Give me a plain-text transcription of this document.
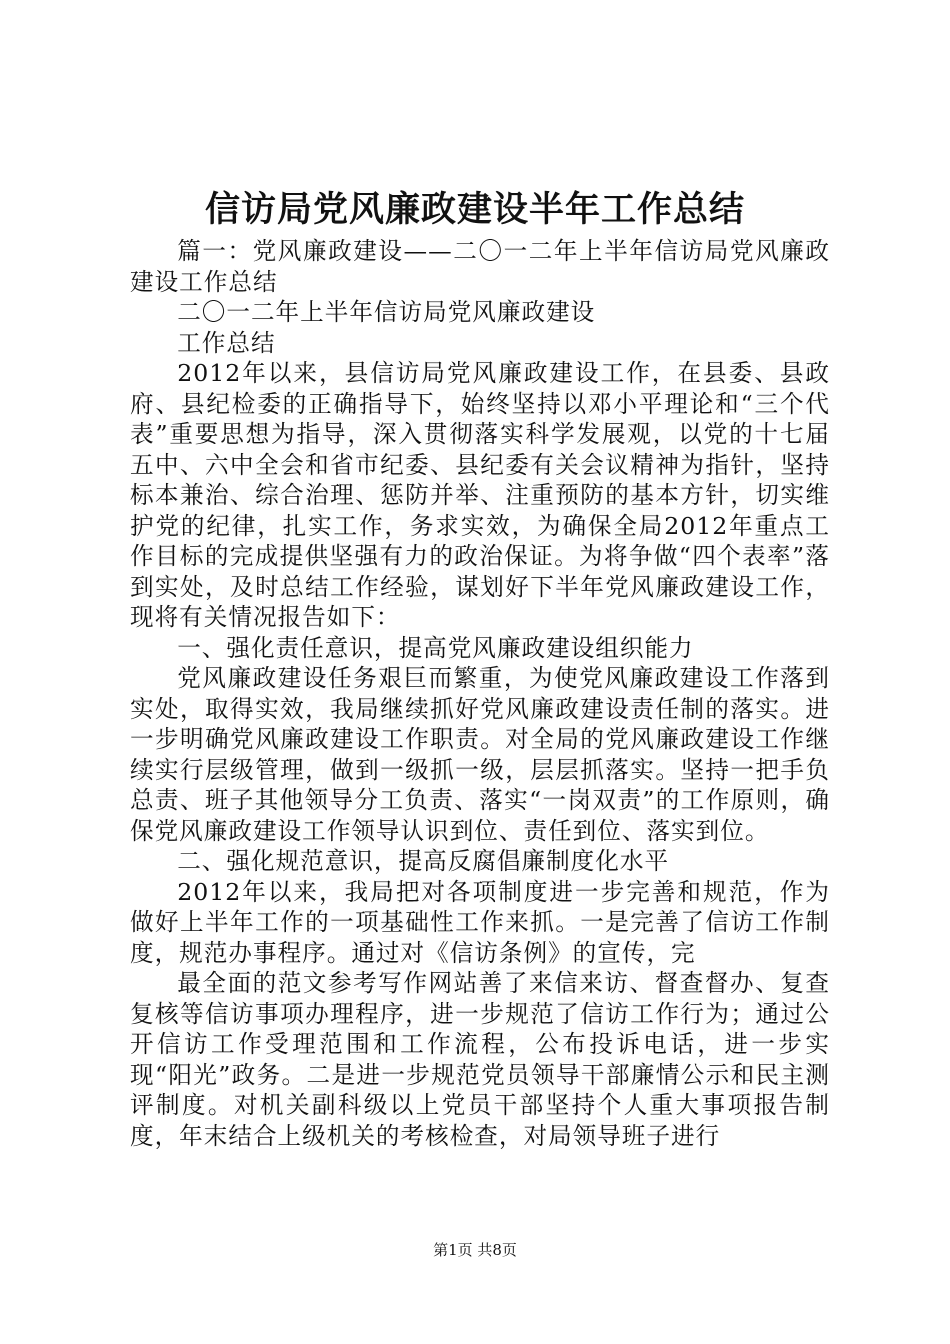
信访局党风廉政建设半年工作总结

篇一：党风廉政建设——二〇一二年上半年信访局党风廉政建设工作总结

二〇一二年上半年信访局党风廉政建设

工作总结

2012年以来，县信访局党风廉政建设工作，在县委、县政府、县纪检委的正确指导下，始终坚持以邓小平理论和“三个代表”重要思想为指导，深入贯彻落实科学发展观，以党的十七届五中、六中全会和省市纪委、县纪委有关会议精神为指针，坚持标本兼治、综合治理、惩防并举、注重预防的基本方针，切实维护党的纪律，扎实工作，务求实效，为确保全局2012年重点工作目标的完成提供坚强有力的政治保证。为将争做“四个表率”落到实处，及时总结工作经验，谋划好下半年党风廉政建设工作，现将有关情况报告如下：

一、强化责任意识，提高党风廉政建设组织能力

党风廉政建设任务艰巨而繁重，为使党风廉政建设工作落到实处，取得实效，我局继续抓好党风廉政建设责任制的落实。进一步明确党风廉政建设工作职责。对全局的党风廉政建设工作继续实行层级管理，做到一级抓一级，层层抓落实。坚持一把手负总责、班子其他领导分工负责、落实“一岗双责”的工作原则，确保党风廉政建设工作领导认识到位、责任到位、落实到位。

二、强化规范意识，提高反腐倡廉制度化水平

2012年以来，我局把对各项制度进一步完善和规范，作为做好上半年工作的一项基础性工作来抓。一是完善了信访工作制度，规范办事程序。通过对《信访条例》的宣传，完

最全面的范文参考写作网站善了来信来访、督查督办、复查复核等信访事项办理程序，进一步规范了信访工作行为；通过公开信访工作受理范围和工作流程，公布投诉电话，进一步实现“阳光”政务。二是进一步规范党员领导干部廉情公示和民主测评制度。对机关副科级以上党员干部坚持个人重大事项报告制度，年末结合上级机关的考核检查，对局领导班子进行

第1页 共8页
